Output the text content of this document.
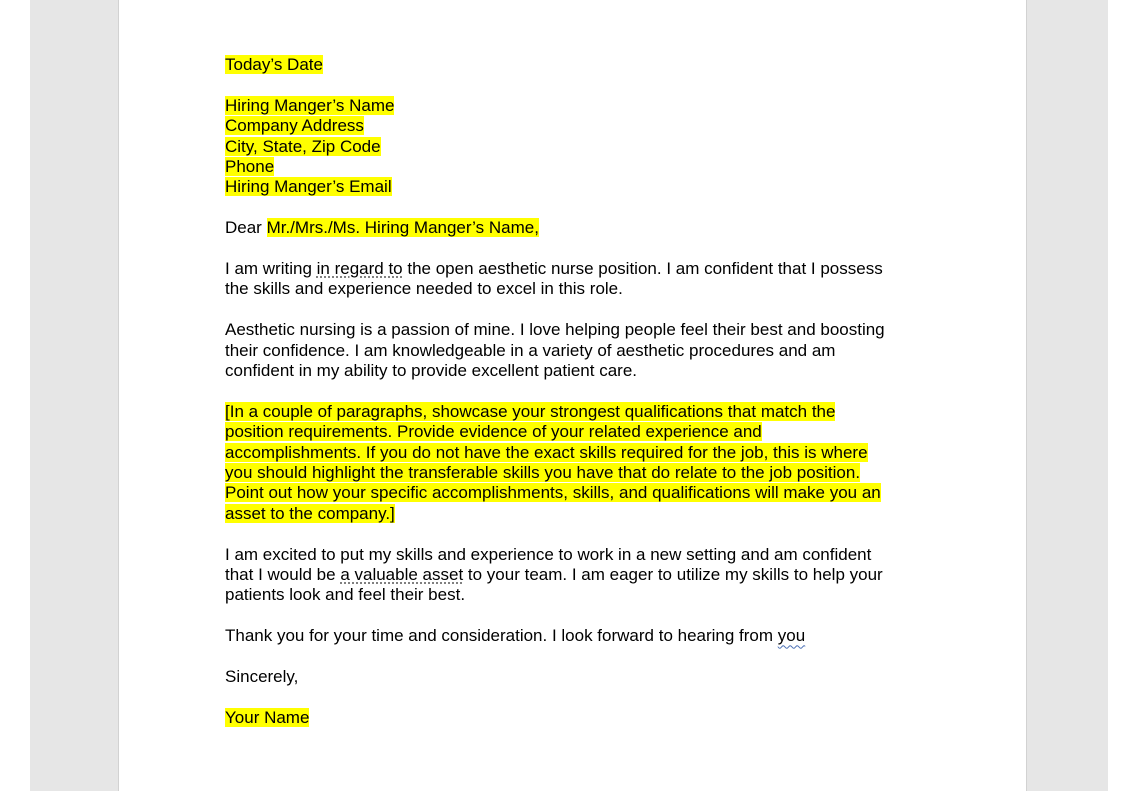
Today’s Date
Hiring Manger’s Name
Company Address
City, State, Zip Code
Phone
Hiring Manger’s Email
Dear Mr./Mrs./Ms. Hiring Manger’s Name,
I am writing in regard to the open aesthetic nurse position. I am confident that I possess
the skills and experience needed to excel in this role.
Aesthetic nursing is a passion of mine. I love helping people feel their best and boosting
their confidence. I am knowledgeable in a variety of aesthetic procedures and am
confident in my ability to provide excellent patient care.
[In a couple of paragraphs, showcase your strongest qualifications that match the
position requirements. Provide evidence of your related experience and
accomplishments. If you do not have the exact skills required for the job, this is where
you should highlight the transferable skills you have that do relate to the job position.
Point out how your specific accomplishments, skills, and qualifications will make you an
asset to the company.]
I am excited to put my skills and experience to work in a new setting and am confident
that I would be a valuable asset to your team. I am eager to utilize my skills to help your
patients look and feel their best.
Thank you for your time and consideration. I look forward to hearing from you
Sincerely,
Your Name
